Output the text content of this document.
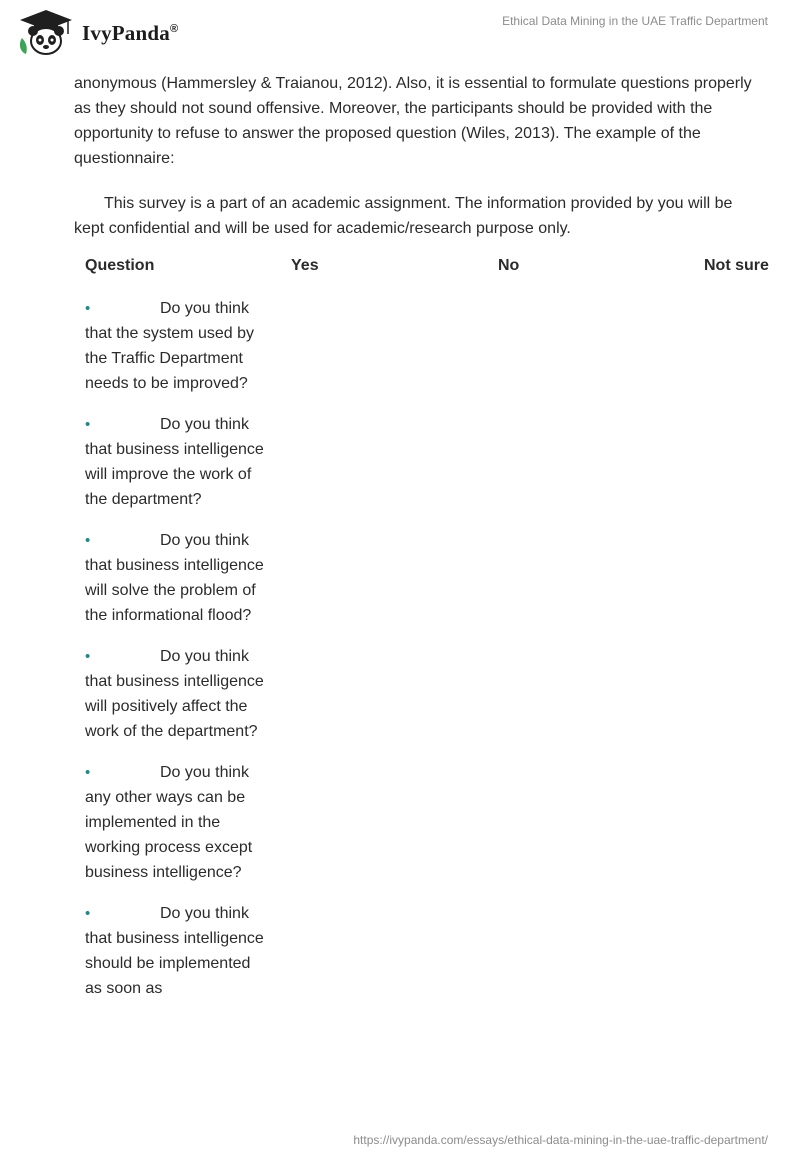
IvyPanda®
Ethical Data Mining in the UAE Traffic Department

anonymous (Hammersley & Traianou, 2012). Also, it is essential to formulate questions properly as they should not sound offensive. Moreover, the participants should be provided with the opportunity to refuse to answer the proposed question (Wiles, 2013). The example of the questionnaire:

This survey is a part of an academic assignment. The information provided by you will be kept confidential and will be used for academic/research purpose only.

Question	Yes	No	Not sure
•	Do you think that the system used by the Traffic Department needs to be improved?
•	Do you think that business intelligence will improve the work of the department?
•	Do you think that business intelligence will solve the problem of the informational flood?
•	Do you think that business intelligence will positively affect the work of the department?
•	Do you think any other ways can be implemented in the working process except business intelligence?
•	Do you think that business intelligence should be implemented as soon as
https://ivypanda.com/essays/ethical-data-mining-in-the-uae-traffic-department/
